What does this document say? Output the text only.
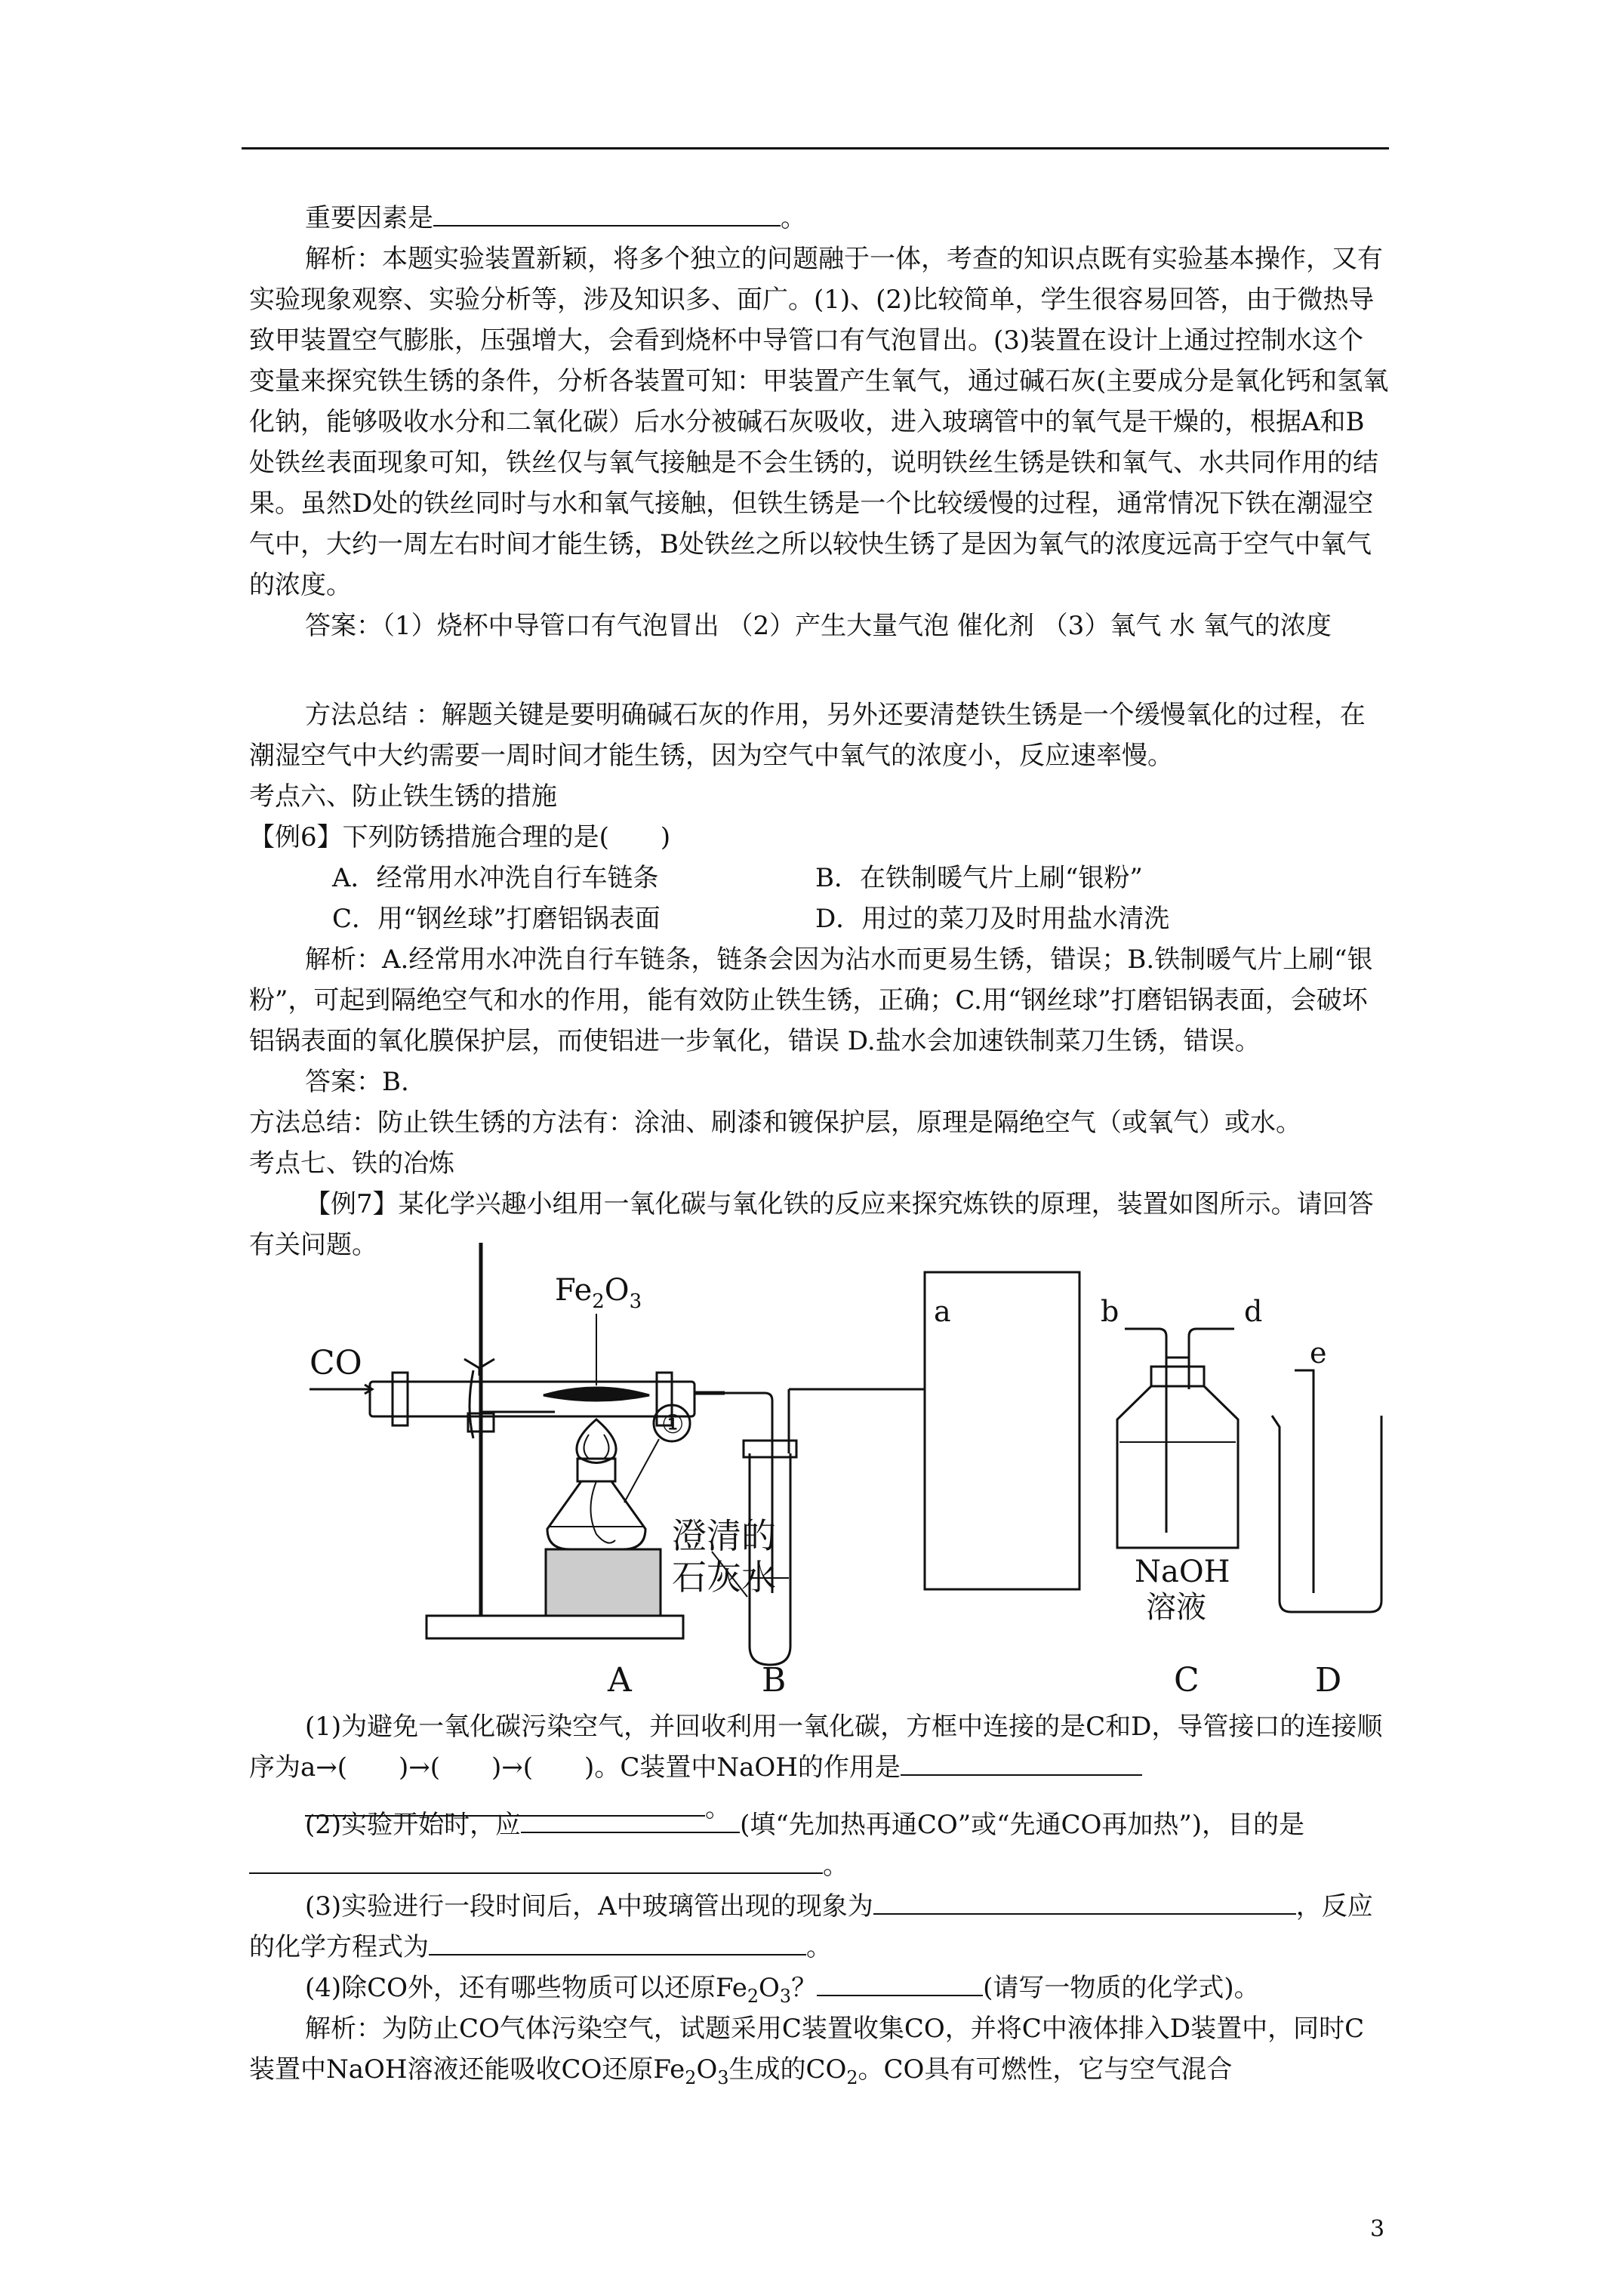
重要因素是	。

解析：本题实验装置新颖，将多个独立的问题融于一体，考查的知识点既有实验基本操作，又有实验现象观察、实验分析等，涉及知识多、面广。(1)、(2)比较简单，学生很容易回答，由于微热导致甲装置空气膨胀，压强增大，会看到烧杯中导管口有气泡冒出。(3)装置在设计上通过控制水这个变量来探究铁生锈的条件，分析各装置可知：甲装置产生氧气，通过碱石灰(主要成分是氧化钙和氢氧化钠，能够吸收水分和二氧化碳）后水分被碱石灰吸收，进入玻璃管中的氧气是干燥的，根据A和B处铁丝表面现象可知，铁丝仅与氧气接触是不会生锈的，说明铁丝生锈是铁和氧气、水共同作用的结果。虽然D处的铁丝同时与水和氧气接触，但铁生锈是一个比较缓慢的过程，通常情况下铁在潮湿空气中，大约一周左右时间才能生锈，B处铁丝之所以较快生锈了是因为氧气的浓度远高于空气中氧气的浓度。

答案：（1）烧杯中导管口有气泡冒出 （2）产生大量气泡 催化剂 （3）氧气 水 氧气的浓度

方法总结 ：解题关键是要明确碱石灰的作用，另外还要清楚铁生锈是一个缓慢氧化的过程，在潮湿空气中大约需要一周时间才能生锈，因为空气中氧气的浓度小，反应速率慢。

考点六、防止铁生锈的措施

【例6】下列防锈措施合理的是(　　)

A．经常用水冲洗自行车链条	B．在铁制暖气片上刷“银粉”
C．用“钢丝球”打磨铝锅表面	D．用过的菜刀及时用盐水清洗

解析：A.经常用水冲洗自行车链条，链条会因为沾水而更易生锈，错误；B.铁制暖气片上刷“银粉”，可起到隔绝空气和水的作用，能有效防止铁生锈，正确；C.用“钢丝球”打磨铝锅表面，会破坏铝锅表面的氧化膜保护层，而使铝进一步氧化，错误 D.盐水会加速铁制菜刀生锈，错误。

答案：B.

方法总结：防止铁生锈的方法有：涂油、刷漆和镀保护层，原理是隔绝空气（或氧气）或水。

考点七、铁的冶炼

【例7】某化学兴趣小组用一氧化碳与氧化铁的反应来探究炼铁的原理，装置如图所示。请回答有关问题。

CO
$Fe_2O_3$
①
澄清的
石灰水
a	b	d
e
NaOH
溶液
A	B	C	D

(1)为避免一氧化碳污染空气，并回收利用一氧化碳，方框中连接的是C和D，导管接口的连接顺序为a→(　　)→(　　)→(　　)。C装置中NaOH的作用是
。

(2)实验开始时，应	(填“先加热再通CO”或“先通CO再加热”)，目的是。

(3)实验进行一段时间后，A中玻璃管出现的现象为	，反应的化学方程式为	。

(4)除CO外，还有哪些物质可以还原$Fe_2O_3$？	(请写一物质的化学式)。

解析：为防止CO气体污染空气，试题采用C装置收集CO，并将C中液体排入D装置中，同时C装置中NaOH溶液还能吸收CO还原$Fe_2O_3$生成的$CO_2$。CO具有可燃性，它与空气混合

3
